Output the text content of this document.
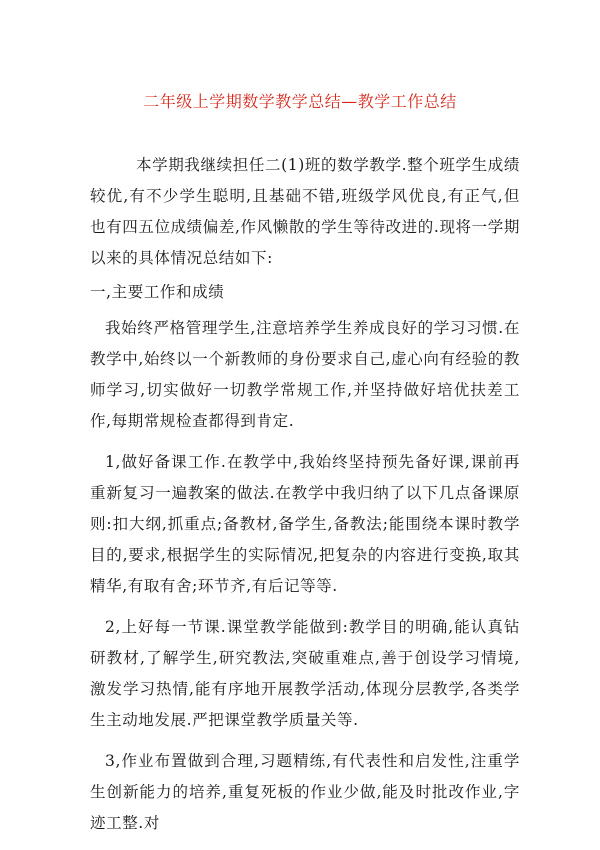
二年级上学期数学教学总结—教学工作总结

本学期我继续担任二(1)班的数学教学.整个班学生成绩较优,有不少学生聪明,且基础不错,班级学风优良,有正气,但也有四五位成绩偏差,作风懒散的学生等待改进的.现将一学期以来的具体情况总结如下:

一,主要工作和成绩

我始终严格管理学生,注意培养学生养成良好的学习习惯.在教学中,始终以一个新教师的身份要求自己,虚心向有经验的教师学习,切实做好一切教学常规工作,并坚持做好培优扶差工作,每期常规检查都得到肯定.

1,做好备课工作.在教学中,我始终坚持预先备好课,课前再重新复习一遍教案的做法.在教学中我归纳了以下几点备课原则:扣大纲,抓重点;备教材,备学生,备教法;能围绕本课时教学目的,要求,根据学生的实际情况,把复杂的内容进行变换,取其精华,有取有舍;环节齐,有后记等等.

2,上好每一节课.课堂教学能做到:教学目的明确,能认真钻研教材,了解学生,研究教法,突破重难点,善于创设学习情境,激发学习热情,能有序地开展教学活动,体现分层教学,各类学生主动地发展.严把课堂教学质量关等.

3,作业布置做到合理,习题精练,有代表性和启发性,注重学生创新能力的培养,重复死板的作业少做,能及时批改作业,字迹工整.对
